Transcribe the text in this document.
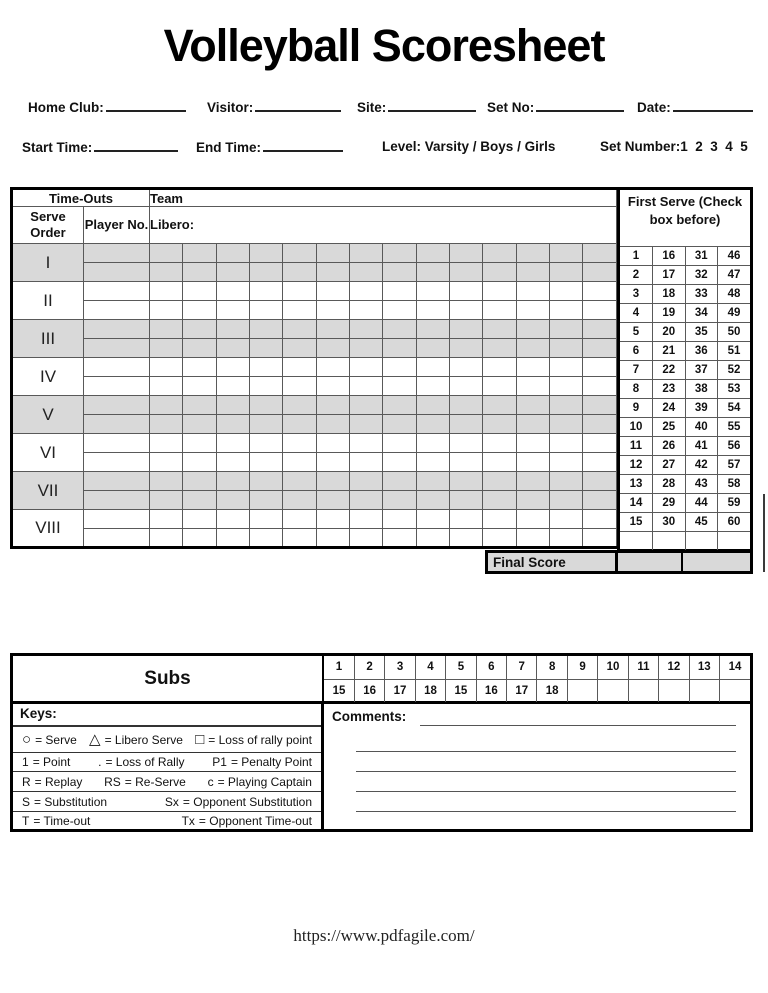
Volleyball Scoresheet
Home Club:	Visitor:	Site:	Set No:	Date:
Start Time:	End Time:	Level: Varsity / Boys / Girls	Set Number:1  2  3  4  5
Time-Outs		Team													
Serve Order	Player No.	Libero:													
I															

II															

III															

IV															

V															

VI															

VII															

VIII															

First Serve (Check box before)
1	16	31	46
2	17	32	47
3	18	33	48
4	19	34	49
5	20	35	50
6	21	36	51
7	22	37	52
8	23	38	53
9	24	39	54
10	25	40	55
11	26	41	56
12	27	42	57
13	28	43	58
14	29	44	59
15	30	45	60

Final Score
Subs
1	2	3	4	5	6	7	8	9	10	11	12	13	14
15	16	17	18	15	16	17	18						
Keys:
○ = Serve △ = Libero Serve □ = Loss of rally point
1 = Point . = Loss of Rally P1 = Penalty Point
R = Replay RS = Re-Serve c = Playing Captain
S = Substitution	Sx = Opponent Substitution
T = Time-out	Tx = Opponent Time-out
Comments:
https://www.pdfagile.com/
